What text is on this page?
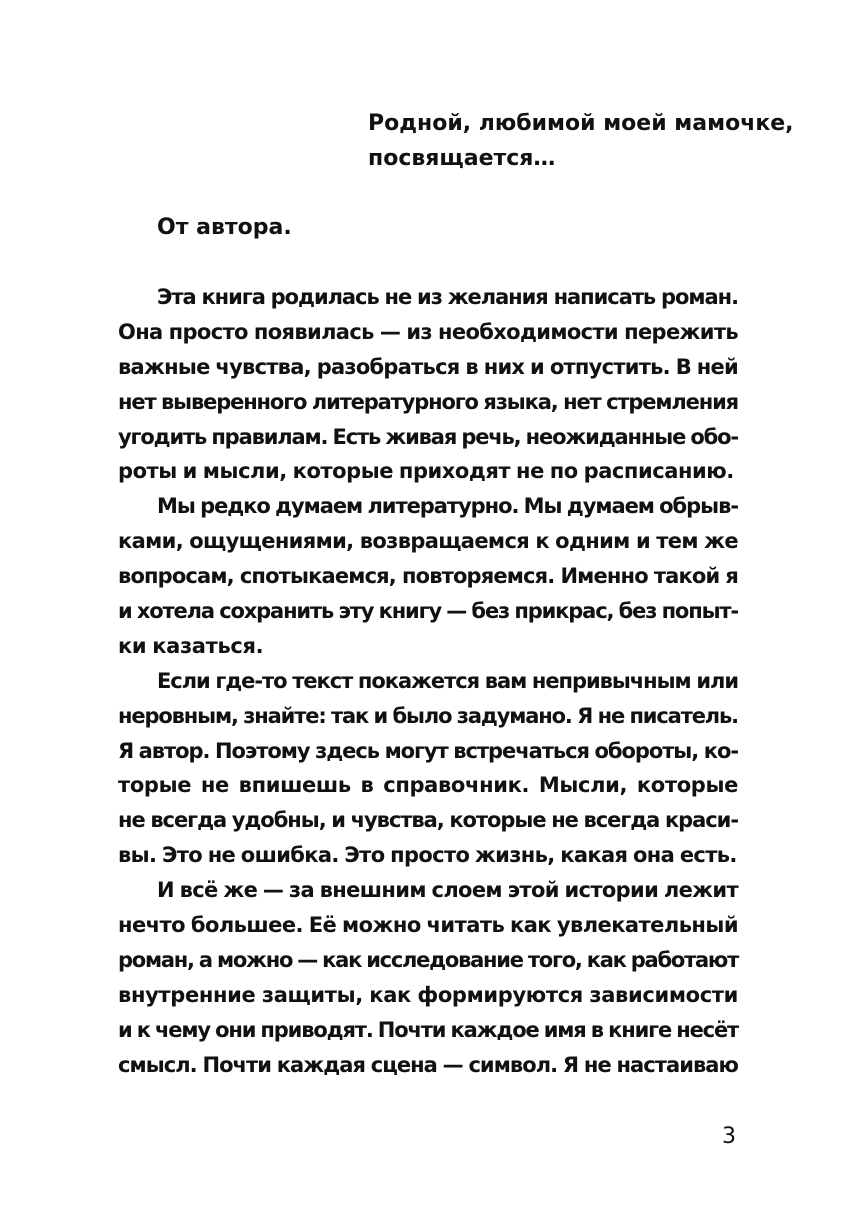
Родной, любимой моей мамочке,
посвящается…
От автора.
Эта книга родилась не из желания написать роман.
Она просто появилась — из необходимости пережить
важные чувства, разобраться в них и отпустить. В ней
нет выверенного литературного языка, нет стремления
угодить правилам. Есть живая речь, неожиданные обо-
роты и мысли, которые приходят не по расписанию.
Мы редко думаем литературно. Мы думаем обрыв-
ками, ощущениями, возвращаемся к одним и тем же
вопросам, спотыкаемся, повторяемся. Именно такой я
и хотела сохранить эту книгу — без прикрас, без попыт-
ки казаться.
Если где-то текст покажется вам непривычным или
неровным, знайте: так и было задумано. Я не писатель.
Я автор. Поэтому здесь могут встречаться обороты, ко-
торые не впишешь в справочник. Мысли, которые
не всегда удобны, и чувства, которые не всегда краси-
вы. Это не ошибка. Это просто жизнь, какая она есть.
И всё же — за внешним слоем этой истории лежит
нечто большее. Её можно читать как увлекательный
роман, а можно — как исследование того, как работают
внутренние защиты, как формируются зависимости
и к чему они приводят. Почти каждое имя в книге несёт
смысл. Почти каждая сцена — символ. Я не настаиваю
3
